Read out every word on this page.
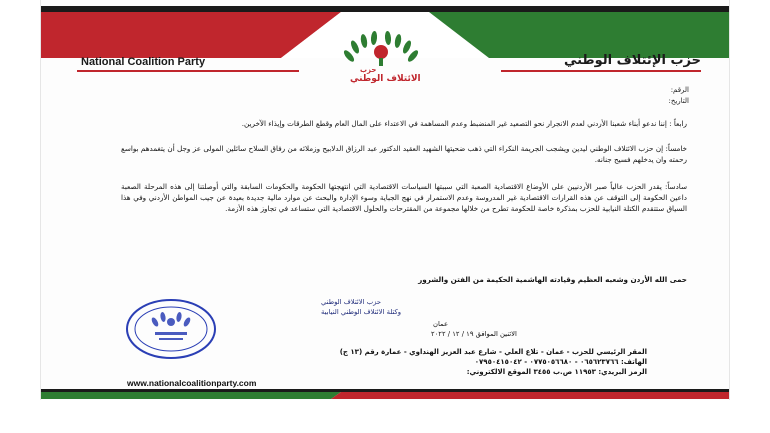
National Coalition Party	حزب الإئتلاف الوطني
حزب
الائتلاف الوطني
الرقم:
التاريخ:

رابعاً : إننا ندعو أبناء شعبنا الأردني لعدم الانجرار نحو التصعيد غير المنضبط وعدم المساهمة في الاعتداء على المال العام وقطع الطرقات وإيذاء الآخرين.

خامساً: إن حزب الائتلاف الوطني ليدين ويشجب الجريمة النكراء التي ذهب ضحيتها الشهيد العقيد الدكتور عبد الرزاق الدلابيح وزملائه من رفاق السلاح سائلين المولى عز وجل أن يتغمدهم بواسع رحمته وان يدخلهم فسيح جنانه.

سادساً: يقدر الحزب عالياً صبر الأردنيين على الأوضاع الاقتصادية الصعبة التي سببتها السياسات الاقتصادية التي انتهجتها الحكومة والحكومات السابقة والتي أوصلتنا إلى هذه المرحلة الصعبة داعين الحكومة إلى التوقف عن هذه القرارات الاقتصادية غير المدروسة وعدم الاستمرار في نهج الجباية وسوء الإدارة والبحث عن موارد مالية جديدة بعيدة عن جيب المواطن الأردني وفي هذا السياق ستتقدم الكتلة النيابية للحزب بمذكرة خاصة للحكومة تطرح من خلالها مجموعة من المقترحات والحلول الاقتصادية التي ستساعد في تجاوز هذه الأزمة.

حمى الله الأردن وشعبه العظيم وقيادته الهاشمية الحكيمة من الفتن والشرور
حزب الائتلاف الوطني
وكتلة الائتلاف الوطني النيابية
عمان
الاثنين الموافق ١٩ / ١٢ / ٢٠٢٢
المقر الرئيسي للحزب - عمان - تلاع العلي - شارع عبد العزيز الهنداوي - عمارة رقم (١٣ ج)
الهاتف: ٠٦٥٦٢٣٧٦٦ - ٠٧٧٥٠٥٦٦٨٠ - ٠٧٩٥٠٤١٥٠٤٢
الرمز البريدي: ١١٩٥٣ ص.ب ٣٤٥٥ الموقع الالكتروني:
www.nationalcoalitionparty.com
